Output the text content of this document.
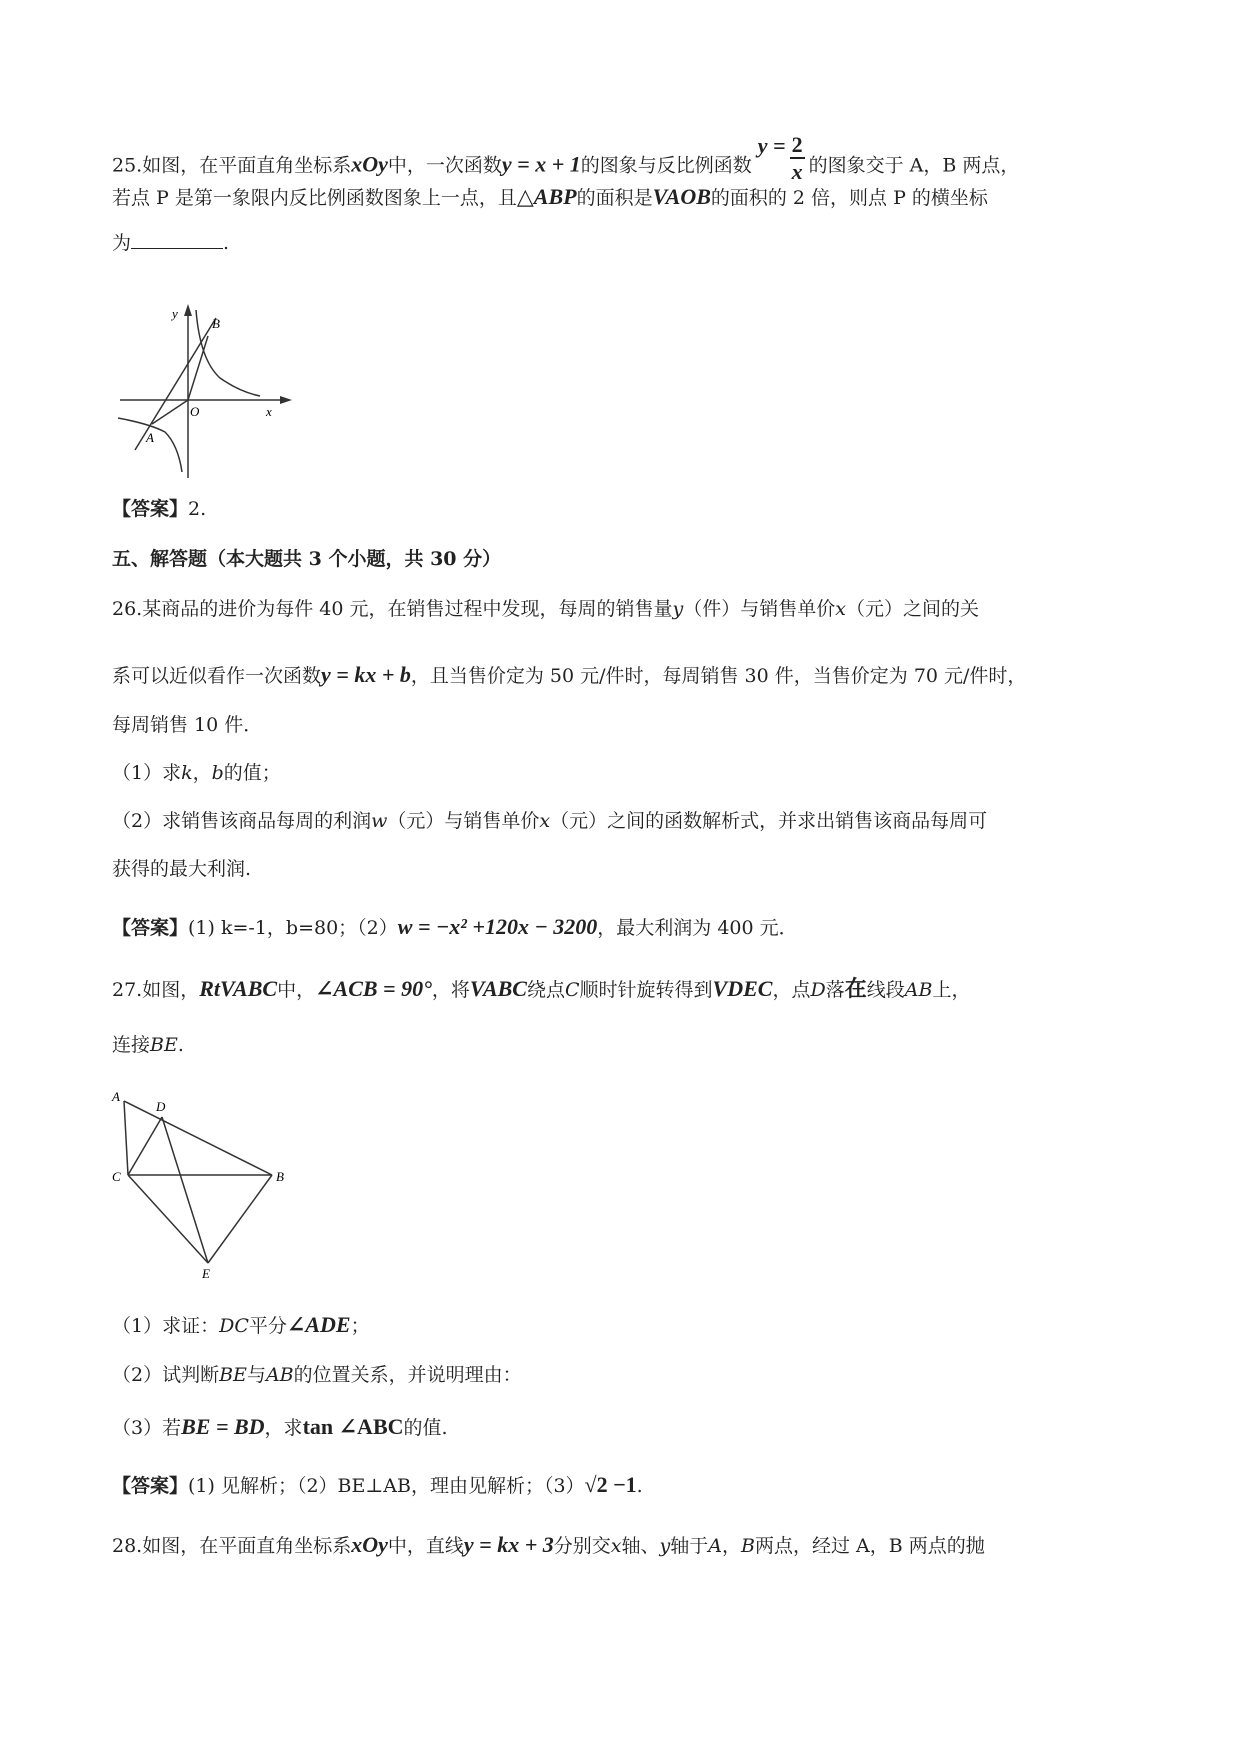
25.如图，在平面直角坐标系xOy中，一次函数y = x + 1的图象与反比例函数 $y = \frac{2}{x}$ 的图象交于 A，B 两点，
若点 P 是第一象限内反比例函数图象上一点，且△ABP的面积是VAOB的面积的 2 倍，则点 P 的横坐标
为	.
y
x
O
A
B
【答案】2.
五、解答题（本大题共 3 个小题，共 30 分）
26.某商品的进价为每件 40 元，在销售过程中发现，每周的销售量y（件）与销售单价x（元）之间的关
系可以近似看作一次函数y = kx + b，且当售价定为 50 元/件时，每周销售 30 件，当售价定为 70 元/件时，
每周销售 10 件．
（1）求k，b的值；
（2）求销售该商品每周的利润w（元）与销售单价x（元）之间的函数解析式，并求出销售该商品每周可
获得的最大利润.
【答案】(1) k=-1，b=80；（2）w = −x² +120x − 3200，最大利润为 400 元．
27.如图，RtVABC中，∠ACB = 90°，将VABC绕点C顺时针旋转得到VDEC，点D落在线段AB上，
连接BE.
A
D
C	B
E
（1）求证：DC平分∠ADE；
（2）试判断BE与AB的位置关系，并说明理由：
（3）若BE = BD，求tan ∠ABC的值.
【答案】(1) 见解析；（2）BE⊥AB，理由见解析；（3）√2 −1.
28.如图，在平面直角坐标系xOy中，直线y = kx + 3分别交x轴、y轴于A，B两点，经过 A，B 两点的抛
